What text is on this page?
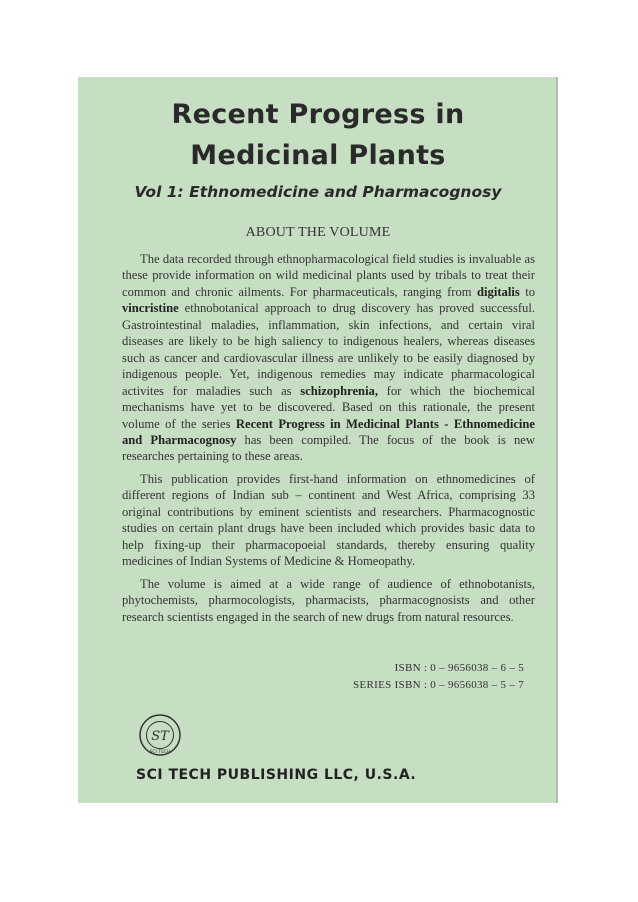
Recent Progress in
Medicinal Plants
Vol 1: Ethnomedicine and Pharmacognosy
ABOUT THE VOLUME

The data recorded through ethnopharmacological field studies is invaluable as these provide information on wild medicinal plants used by tribals to treat their common and chronic ailments. For pharmaceuticals, ranging from digitalis to vincristine ethnobotanical approach to drug discovery has proved successful. Gastrointestinal maladies, inflammation, skin infections, and certain viral diseases are likely to be high saliency to indigenous healers, whereas diseases such as cancer and cardiovascular illness are unlikely to be easily diagnosed by indigenous people. Yet, indigenous remedies may indicate pharmacological activites for maladies such as schizophrenia, for which the biochemical mechanisms have yet to be discovered. Based on this rationale, the present volume of the series Recent Progress in Medicinal Plants - Ethnomedicine and Pharmacognosy has been compiled. The focus of the book is new researches pertaining to these areas.

This publication provides first-hand information on ethnomedicines of different regions of Indian sub – continent and West Africa, comprising 33 original contributions by eminent scientists and researchers. Pharmacognostic studies on certain plant drugs have been included which provides basic data to help fixing-up their pharmacopoeial standards, thereby ensuring quality medicines of Indian Systems of Medicine & Homeopathy.

The volume is aimed at a wide range of audience of ethnobotanists, phytochemists, pharmocologists, pharmacists, pharmacognosists and other research scientists engaged in the search of new drugs from natural resources.

ISBN : 0 – 9656038 – 6 – 5
SERIES ISBN : 0 – 9656038 – 5 – 7
ST
SCI TECH
SCI TECH PUBLISHING LLC, U.S.A.
